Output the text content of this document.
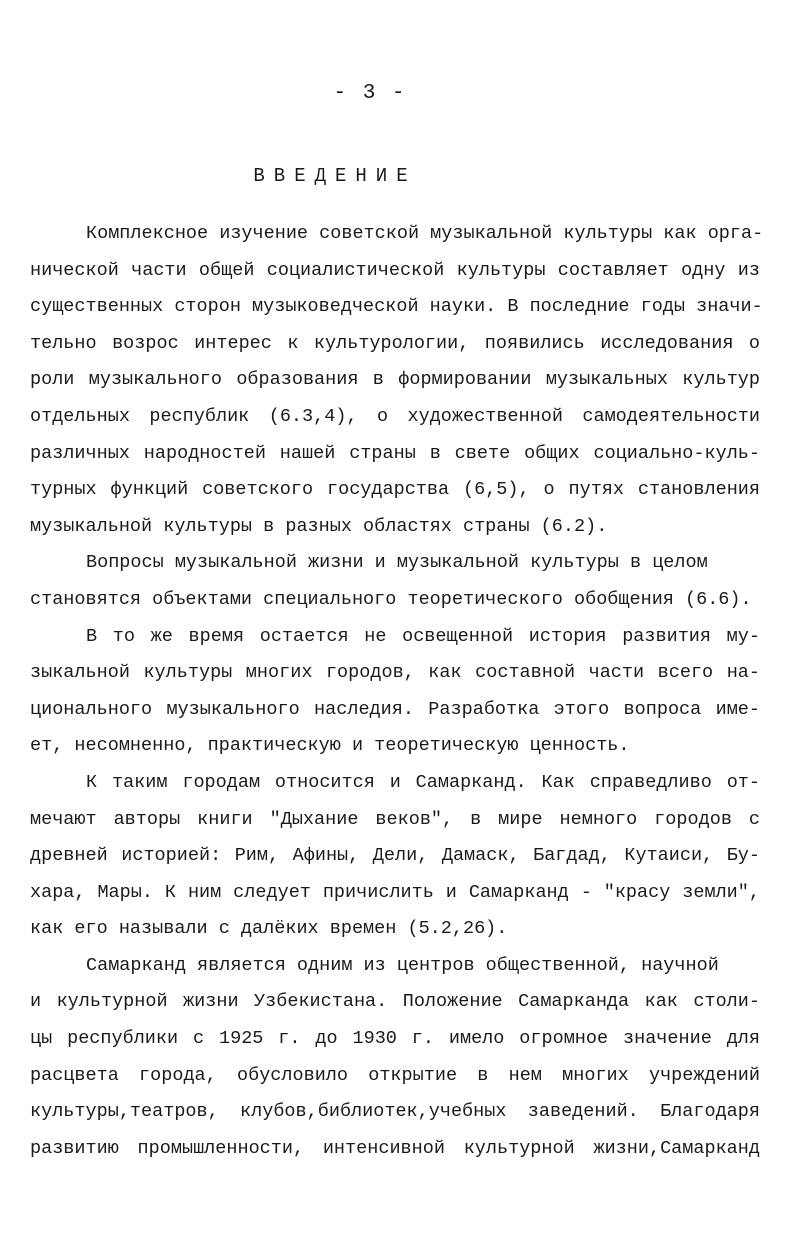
- 3 -
ВВЕДЕНИЕ

Комплексное изучение советской музыкальной культуры как орга-
нической части общей социалистической культуры составляет одну из
существенных сторон музыковедческой науки. В последние годы значи-
тельно возрос интерес к культурологии, появились исследования о
роли музыкального образования в формировании музыкальных культур
отдельных республик (6.3,4), о художественной самодеятельности
различных народностей нашей страны в свете общих социально-куль-
турных функций советского государства (6,5), о путях становления
музыкальной культуры в разных областях страны (6.2).

Вопросы музыкальной жизни и музыкальной культуры в целом
становятся объектами специального теоретического обобщения (6.6).

В то же время остается не освещенной история развития му-
зыкальной культуры многих городов, как составной части всего на-
ционального музыкального наследия. Разработка этого вопроса име-
ет, несомненно, практическую и теоретическую ценность.

К таким городам относится и Самарканд. Как справедливо от-
мечают авторы книги "Дыхание веков", в мире немного городов с
древней историей: Рим, Афины, Дели, Дамаск, Багдад, Кутаиси, Бу-
хара, Мары. К ним следует причислить и Самарканд - "красу земли",
как его называли с далёких времен (5.2,26).

Самарканд является одним из центров общественной, научной
и культурной жизни Узбекистана. Положение Самарканда как столи-
цы республики с 1925 г. до 1930 г. имело огромное значение для
расцвета города, обусловило открытие в нем многих учреждений
культуры,театров, клубов,библиотек,учебных заведений. Благодаря
развитию промышленности, интенсивной культурной жизни,Самарканд
